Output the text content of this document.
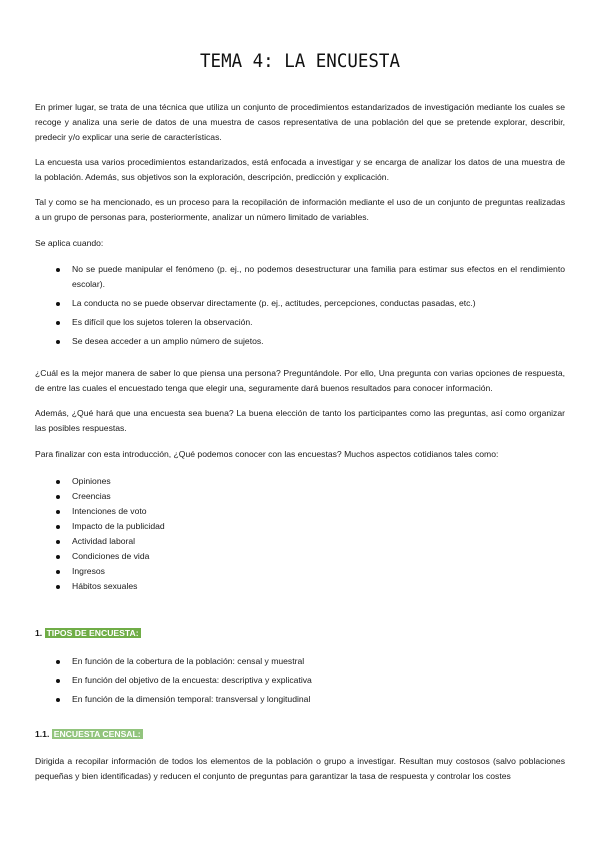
TEMA 4: LA ENCUESTA

En primer lugar, se trata de una técnica que utiliza un conjunto de procedimientos estandarizados de investigación mediante los cuales se recoge y analiza una serie de datos de una muestra de casos representativa de una población del que se pretende explorar, describir, predecir y/o explicar una serie de características.

La encuesta usa varios procedimientos estandarizados, está enfocada a investigar y se encarga de analizar los datos de una muestra de la población. Además, sus objetivos son la exploración, descripción, predicción y explicación.

Tal y como se ha mencionado, es un proceso para la recopilación de información mediante el uso de un conjunto de preguntas realizadas a un grupo de personas para, posteriormente, analizar un número limitado de variables.

Se aplica cuando:

No se puede manipular el fenómeno (p. ej., no podemos desestructurar una familia para estimar sus efectos en el rendimiento escolar).
La conducta no se puede observar directamente (p. ej., actitudes, percepciones, conductas pasadas, etc.)
Es difícil que los sujetos toleren la observación.
Se desea acceder a un amplio número de sujetos.

¿Cuál es la mejor manera de saber lo que piensa una persona? Preguntándole. Por ello, Una pregunta con varias opciones de respuesta, de entre las cuales el encuestado tenga que elegir una, seguramente dará buenos resultados para conocer información.

Además, ¿Qué hará que una encuesta sea buena? La buena elección de tanto los participantes como las preguntas, así como organizar las posibles respuestas.

Para finalizar con esta introducción, ¿Qué podemos conocer con las encuestas? Muchos aspectos cotidianos tales como:

Opiniones
Creencias
Intenciones de voto
Impacto de la publicidad
Actividad laboral
Condiciones de vida
Ingresos
Hábitos sexuales
1. TIPOS DE ENCUESTA:
En función de la cobertura de la población: censal y muestral
En función del objetivo de la encuesta: descriptiva y explicativa
En función de la dimensión temporal: transversal y longitudinal
1.1. ENCUESTA CENSAL:

Dirigida a recopilar información de todos los elementos de la población o grupo a investigar. Resultan muy costosos (salvo poblaciones pequeñas y bien identificadas) y reducen el conjunto de preguntas para garantizar la tasa de respuesta y controlar los costes
